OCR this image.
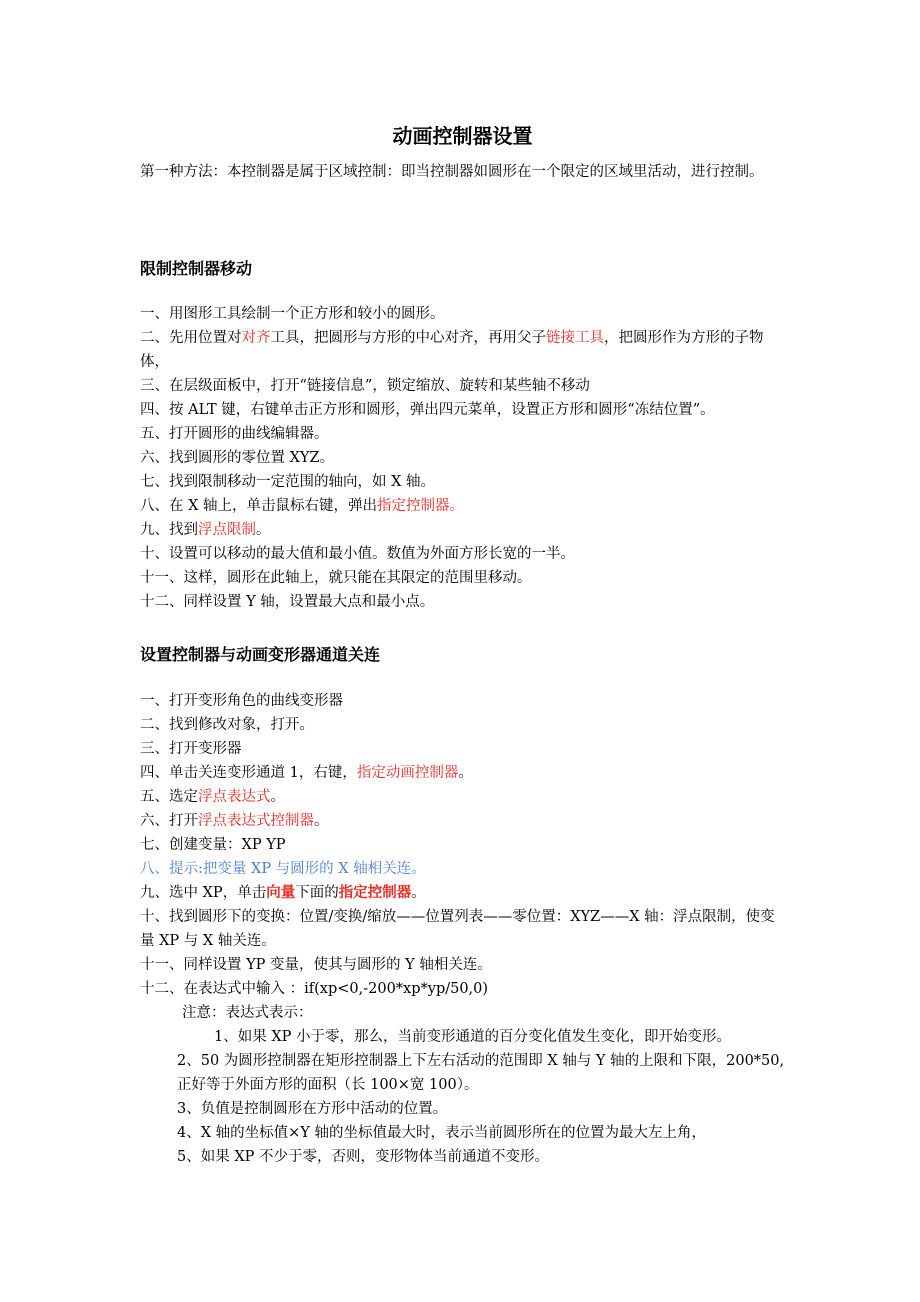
动画控制器设置
第一种方法：本控制器是属于区域控制：即当控制器如圆形在一个限定的区域里活动，进行控制。
限制控制器移动
一、用图形工具绘制一个正方形和较小的圆形。
二、先用位置对对齐工具，把圆形与方形的中心对齐，再用父子链接工具，把圆形作为方形的子物体，
三、在层级面板中，打开“链接信息”，锁定缩放、旋转和某些轴不移动
四、按 ALT 键，右键单击正方形和圆形，弹出四元菜单，设置正方形和圆形“冻结位置”。
五、打开圆形的曲线编辑器。
六、找到圆形的零位置 XYZ。
七、找到限制移动一定范围的轴向，如 X 轴。
八、在 X 轴上，单击鼠标右键，弹出指定控制器。
九、找到浮点限制。
十、设置可以移动的最大值和最小值。数值为外面方形长宽的一半。
十一、这样，圆形在此轴上，就只能在其限定的范围里移动。
十二、同样设置 Y 轴，设置最大点和最小点。
设置控制器与动画变形器通道关连
一、打开变形角色的曲线变形器
二、找到修改对象，打开。
三、打开变形器
四、单击关连变形通道 1，右键，指定动画控制器。
五、选定浮点表达式。
六、打开浮点表达式控制器。
七、创建变量：XP YP
八、提示:把变量 XP 与圆形的 X 轴相关连。
九、选中 XP，单击向量下面的指定控制器。
十、找到圆形下的变换：位置/变换/缩放——位置列表——零位置：XYZ——X 轴：浮点限制，使变量 XP 与 X 轴关连。
十一、同样设置 YP 变量，使其与圆形的 Y 轴相关连。
十二、在表达式中输入 ：if(xp<0,-200*xp*yp/50,0)
注意：表达式表示：
1、如果 XP 小于零，那么，当前变形通道的百分变化值发生变化，即开始变形。
2、50 为圆形控制器在矩形控制器上下左右活动的范围即 X 轴与 Y 轴的上限和下限，200*50,正好等于外面方形的面积（长 100×宽 100）。
3、负值是控制圆形在方形中活动的位置。
4、X 轴的坐标值×Y 轴的坐标值最大时，表示当前圆形所在的位置为最大左上角，
5、如果 XP 不少于零，否则，变形物体当前通道不变形。
